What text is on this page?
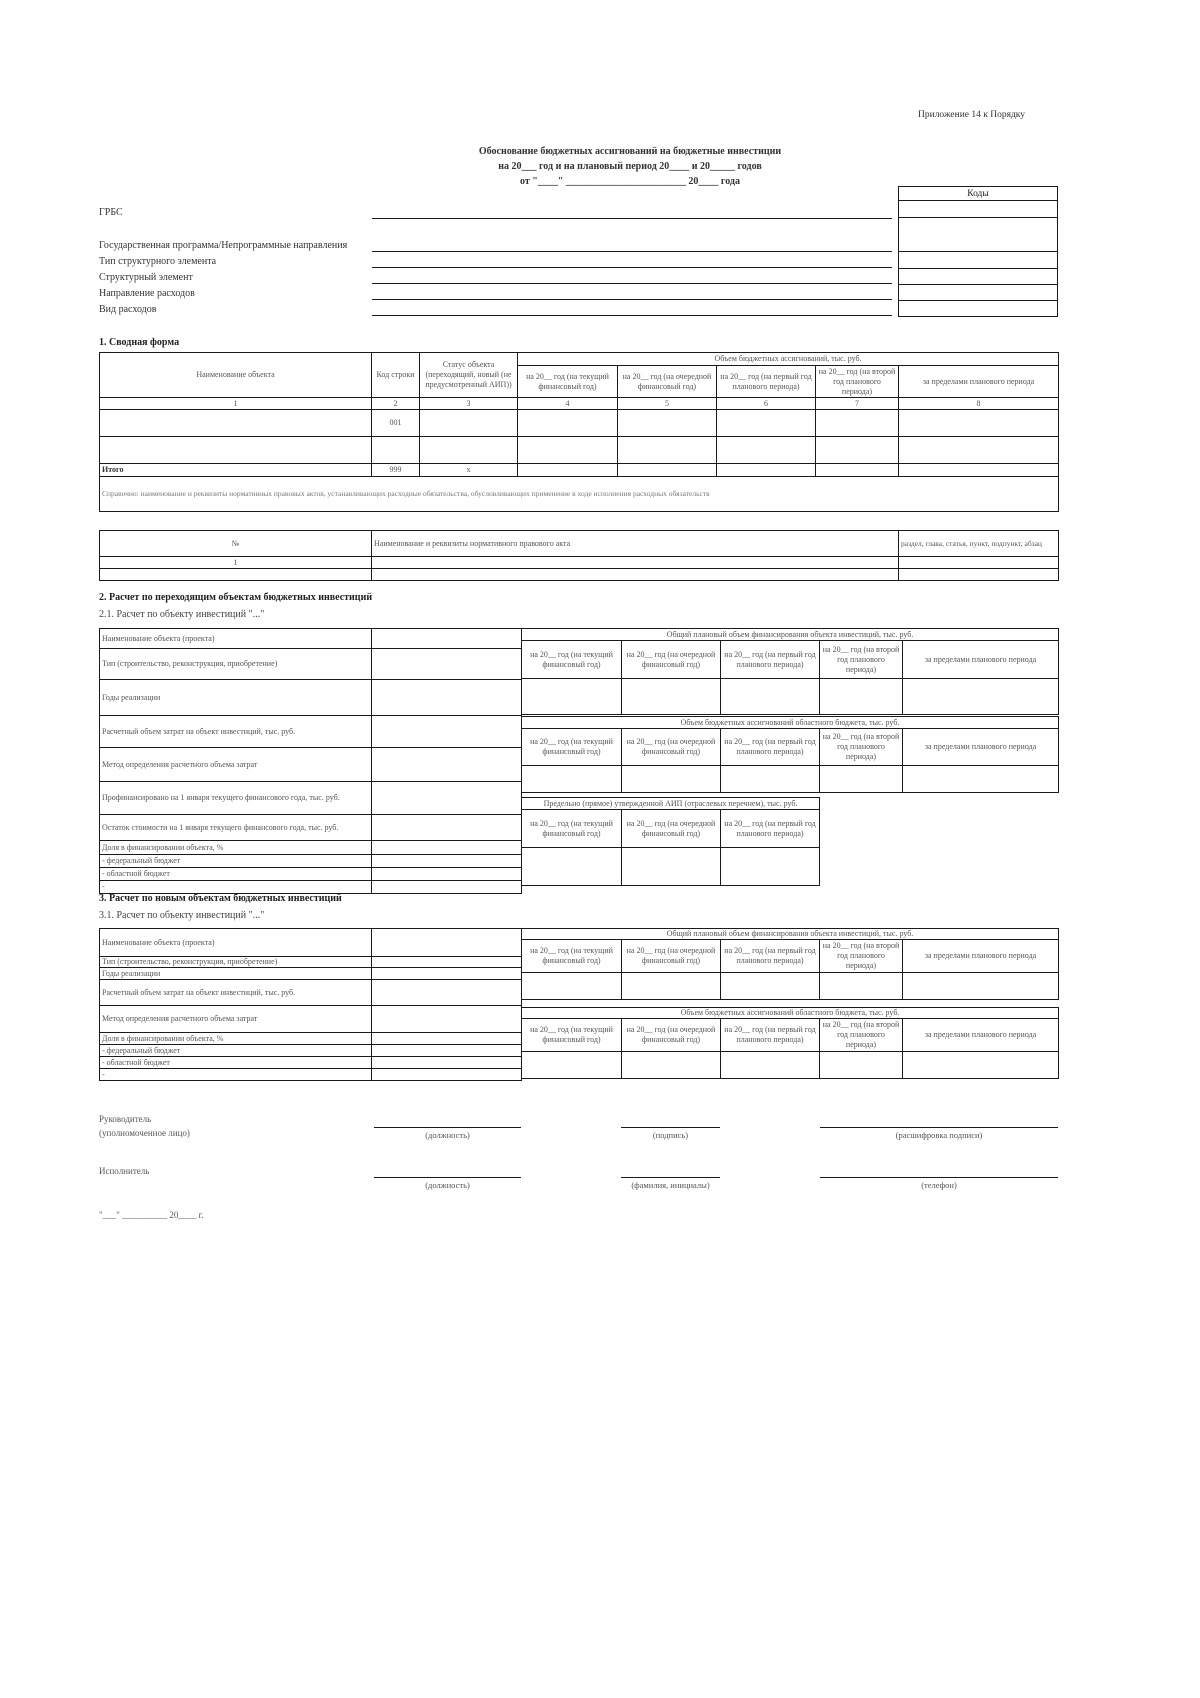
Приложение 14 к Порядку
Обоснование бюджетных ассигнований на бюджетные инвестиции
на 20___ год и на плановый период 20____ и 20_____ годов
от "____" ________________________ 20____ года
Коды

ГРБС
Государственная программа/Непрограммные направления
Тип структурного элемента
Структурный элемент
Направление расходов
Вид расходов
1. Сводная форма
Наименование объекта	Код строки	Статус объекта (переходящий, новый (не предусмотренный АИП))	Объем бюджетных ассигнований, тыс. руб.				
			на 20__ год (на текущий финансовый год)	на 20__ год (на очередной финансовый год)	на 20__ год (на первый год планового периода)	на 20__ год (на второй год планового периода)	за пределами планового периода
1	2	3	4	5	6	7	8
	001						

Итого	999	x					
Справочно: наименование и реквизиты нормативных правовых актов, устанавливающих расходные обязательства, обусловливающих применение в ходе исполнения расходных обязательств							
№	Наименование и реквизиты нормативного правового акта	раздел, глава, статья, пункт, подпункт, абзац
1		

2. Расчет по переходящим объектам бюджетных инвестиций
2.1. Расчет по объекту инвестиций "..."
Наименование объекта (проекта)	
Тип (строительство, реконструкция, приобретение)	
Годы реализации	
Расчетный объем затрат на объект инвестиций, тыс. руб.	
Метод определения расчетного объема затрат	
Профинансировано на 1 января текущего финансового года, тыс. руб.	
Остаток стоимости на 1 января текущего финансового года, тыс. руб.	
Доля в финансировании объекта, %	
- федеральный бюджет	
- областной бюджет	
-	
Общий плановый объем финансирования объекта инвестиций, тыс. руб.				
на 20__ год (на текущий финансовый год)	на 20__ год (на очередной финансовый год)	на 20__ год (на первый год планового периода)	на 20__ год (на второй год планового периода)	за пределами планового периода

Объем бюджетных ассигнований областного бюджета, тыс. руб.				
на 20__ год (на текущий финансовый год)	на 20__ год (на очередной финансовый год)	на 20__ год (на первый год планового периода)	на 20__ год (на второй год планового периода)	за пределами планового периода

Предельно (прямое) утвержденной АИП (отраслевых перечнем), тыс. руб.		
на 20__ год (на текущий финансовый год)	на 20__ год (на очередной финансовый год)	на 20__ год (на первый год планового периода)

3. Расчет по новым объектам бюджетных инвестиций
3.1. Расчет по объекту инвестиций "..."
Наименование объекта (проекта)	
Тип (строительство, реконструкция, приобретение)	
Годы реализации	
Расчетный объем затрат на объект инвестиций, тыс. руб.	
Метод определения расчетного объема затрат	
Доля в финансировании объекта, %	
- федеральный бюджет	
- областной бюджет	
-	
Общий плановый объем финансирования объекта инвестиций, тыс. руб.				
на 20__ год (на текущий финансовый год)	на 20__ год (на очередной финансовый год)	на 20__ год (на первый год планового периода)	на 20__ год (на второй год планового периода)	за пределами планового периода

Объем бюджетных ассигнований областного бюджета, тыс. руб.				
на 20__ год (на текущий финансовый год)	на 20__ год (на очередной финансовый год)	на 20__ год (на первый год планового периода)	на 20__ год (на второй год планового периода)	за пределами планового периода

Руководитель
(уполномоченное лицо)	(должность)	(подпись)	(расшифровка подписи)
Исполнитель
(должность)	(фамилия, инициалы)	(телефон)
"___" __________ 20____ г.
